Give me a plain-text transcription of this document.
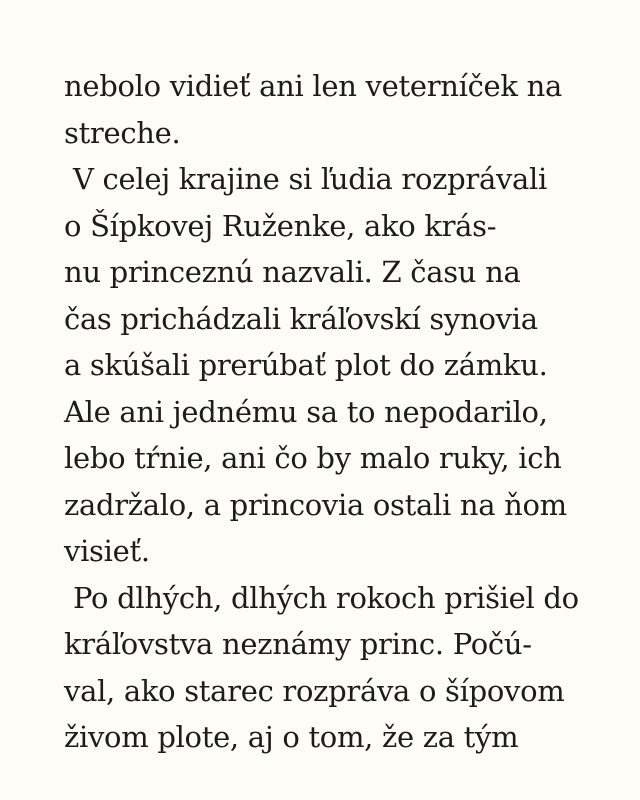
nebolo vidieť ani len veterníček na
streche.
V celej krajine si ľudia rozprávali
o Šípkovej Ruženke, ako krás-
nu princeznú nazvali. Z času na
čas prichádzali kráľovskí synovia
a skúšali prerúbať plot do zámku.
Ale ani jednému sa to nepodarilo,
lebo tŕnie, ani čo by malo ruky, ich
zadržalo, a princovia ostali na ňom
visieť.
Po dlhých, dlhých rokoch prišiel do
kráľovstva neznámy princ. Počú-
val, ako starec rozpráva o šípovom
živom plote, aj o tom, že za tým
